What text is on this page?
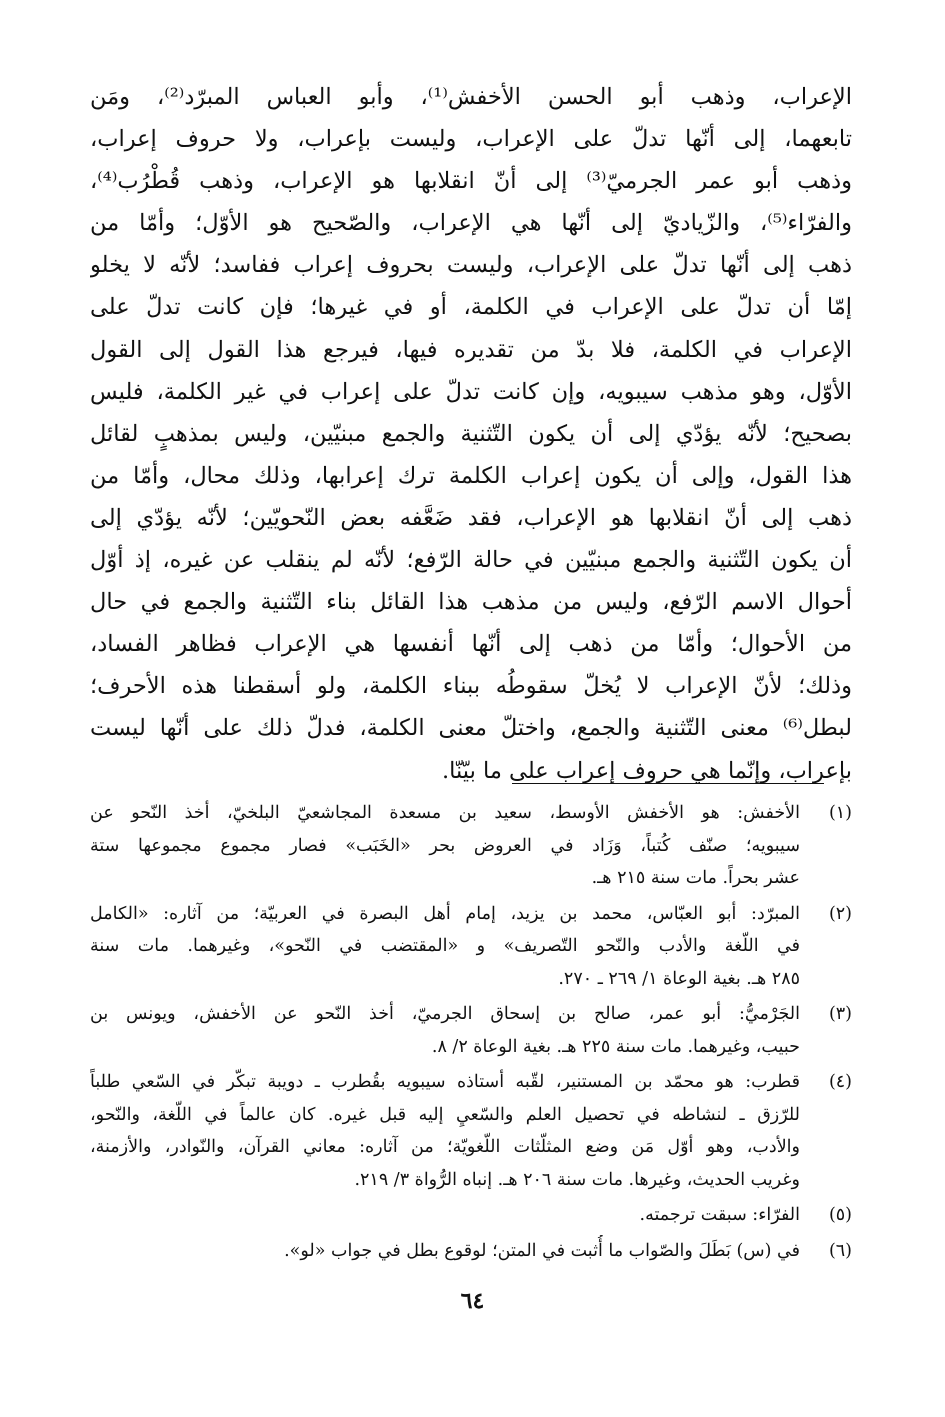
الإعراب، وذهب أبو الحسن الأخفش⁽¹⁾، وأبو العباس المبرّد⁽²⁾، ومَن
تابعهما، إلى أنّها تدلّ على الإعراب، وليست بإعراب، ولا حروف إعراب،
وذهب أبو عمر الجرميّ⁽³⁾ إلى أنّ انقلابها هو الإعراب، وذهب قُطْرُب⁽⁴⁾،
والفرّاء⁽⁵⁾، والزّياديّ إلى أنّها هي الإعراب، والصّحيح هو الأوّل؛ وأمّا من
ذهب إلى أنّها تدلّ على الإعراب، وليست بحروف إعراب ففاسد؛ لأنّه لا يخلو
إمّا أن تدلّ على الإعراب في الكلمة، أو في غيرها؛ فإن كانت تدلّ على
الإعراب في الكلمة، فلا بدّ من تقديره فيها، فيرجع هذا القول إلى القول
الأوّل، وهو مذهب سيبويه، وإن كانت تدلّ على إعراب في غير الكلمة، فليس
بصحيح؛ لأنّه يؤدّي إلى أن يكون التّثنية والجمع مبنيّين، وليس بمذهبٍ لقائل
هذا القول، وإلى أن يكون إعراب الكلمة ترك إعرابها، وذلك محال، وأمّا من
ذهب إلى أنّ انقلابها هو الإعراب، فقد ضَعَّفه بعض النّحويّين؛ لأنّه يؤدّي إلى
أن يكون التّثنية والجمع مبنيّين في حالة الرّفع؛ لأنّه لم ينقلب عن غيره، إذ أوّل
أحوال الاسم الرّفع، وليس من مذهب هذا القائل بناء التّثنية والجمع في حال
من الأحوال؛ وأمّا من ذهب إلى أنّها أنفسها هي الإعراب فظاهر الفساد،
وذلك؛ لأنّ الإعراب لا يُخلّ سقوطُه ببناء الكلمة، ولو أسقطنا هذه الأحرف؛
لبطل⁽⁶⁾ معنى التّثنية والجمع، واختلّ معنى الكلمة، فدلّ ذلك على أنّها ليست
بإعراب، وإنّما هي حروف إعراب على ما بيّنّا.
(١)
الأخفش: هو الأخفش الأوسط، سعيد بن مسعدة المجاشعيّ البلخيّ، أخذ النّحو عن
سيبويه؛ صنّف كُتباً، وَزَاد في العروض بحر «الخَبَب» فصار مجموع مجموعها ستة
عشر بحراً. مات سنة ٢١٥ هـ.
(٢)
المبرّد: أبو العبّاس، محمد بن يزيد، إمام أهل البصرة في العربيّة؛ من آثاره: «الكامل
في اللّغة والأدب والنّحو التّصريف» و «المقتضب في النّحو»، وغيرهما. مات سنة
٢٨٥ هـ. بغية الوعاة ١/ ٢٦٩ ـ ٢٧٠.
(٣)
الجَرْميُّ: أبو عمر، صالح بن إسحاق الجرميّ، أخذ النّحو عن الأخفش، ويونس بن
حبيب، وغيرهما. مات سنة ٢٢٥ هـ. بغية الوعاة ٢/ ٨.
(٤)
قطرب: هو محمّد بن المستنير، لقّبه أستاذه سيبويه بقُطرب ـ دويبة تبكّر في السّعي طلباً
للرّزق ـ لنشاطه في تحصيل العلم والسّعيِ إليه قبل غيره. كان عالماً في اللّغة، والنّحو،
والأدب، وهو أوّل مَن وضع المثلّثات اللّغويّة؛ من آثاره: معاني القرآن، والنّوادر، والأزمنة،
وغريب الحديث، وغيرها. مات سنة ٢٠٦ هـ. إنباه الرُّواة ٣/ ٢١٩.
(٥)
الفرّاء: سبقت ترجمته.
(٦)
في (س) بَطَلَ والصّواب ما أُثبت في المتن؛ لوقوع بطل في جواب «لو».
٦٤
